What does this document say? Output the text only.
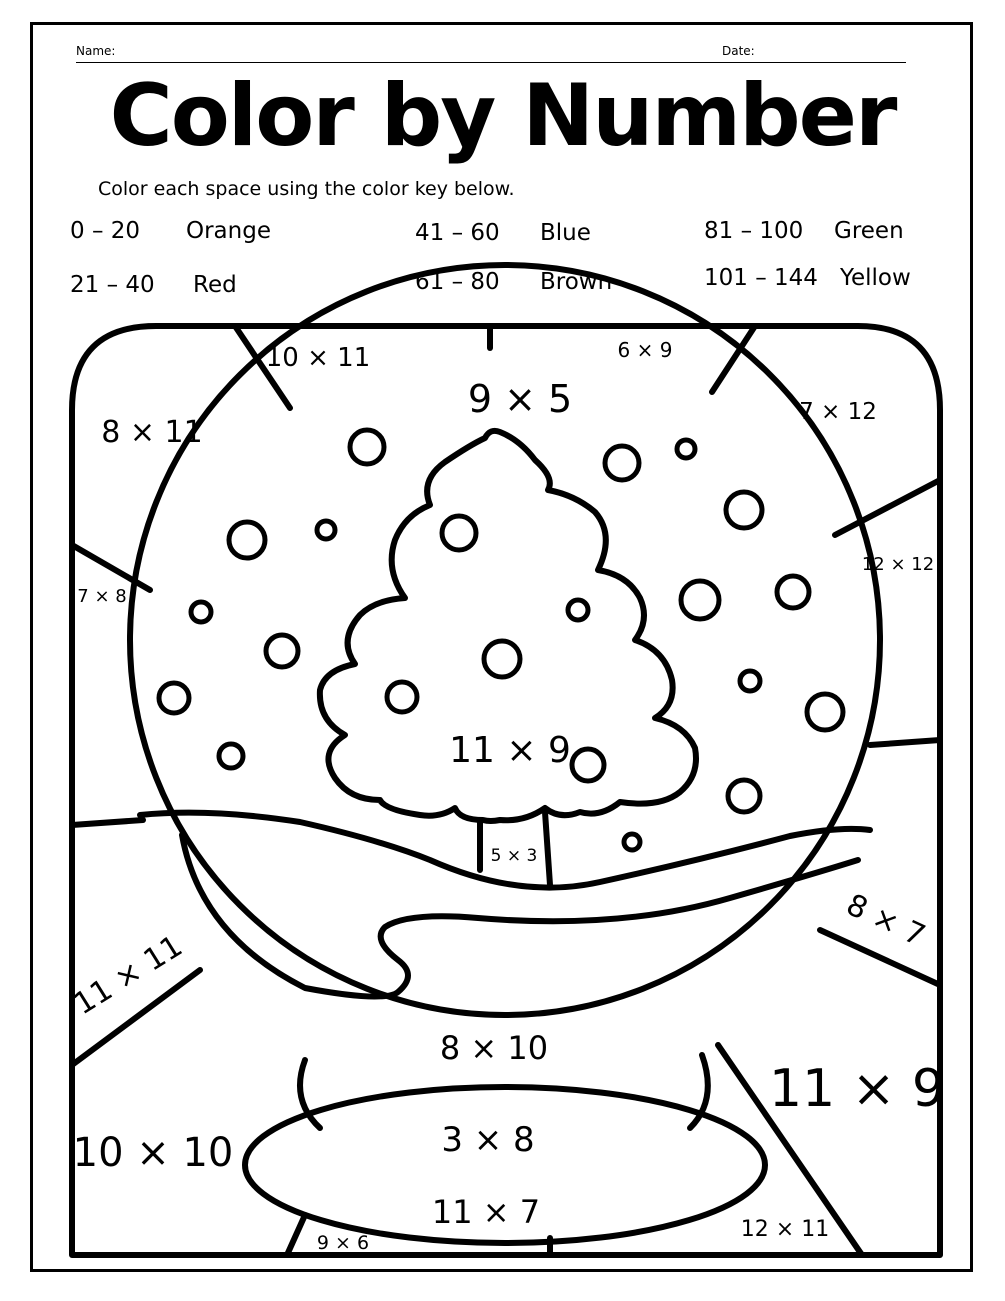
Name:	Date:
Color by Number
Color each space using the color key below.
0 – 20 Orange
21 – 40 Red
41 – 60 Blue
61 – 80 Brown
81 – 100 Green
101 – 144 Yellow
8 × 11
10 × 11	6 × 9
7 × 12
9 × 5
12 × 12
7 × 8
11 × 9
5 × 3
8 × 7
11 × 11
8 × 10
11 × 9
10 × 10	3 × 8
11 × 7
9 × 6
12 × 11
